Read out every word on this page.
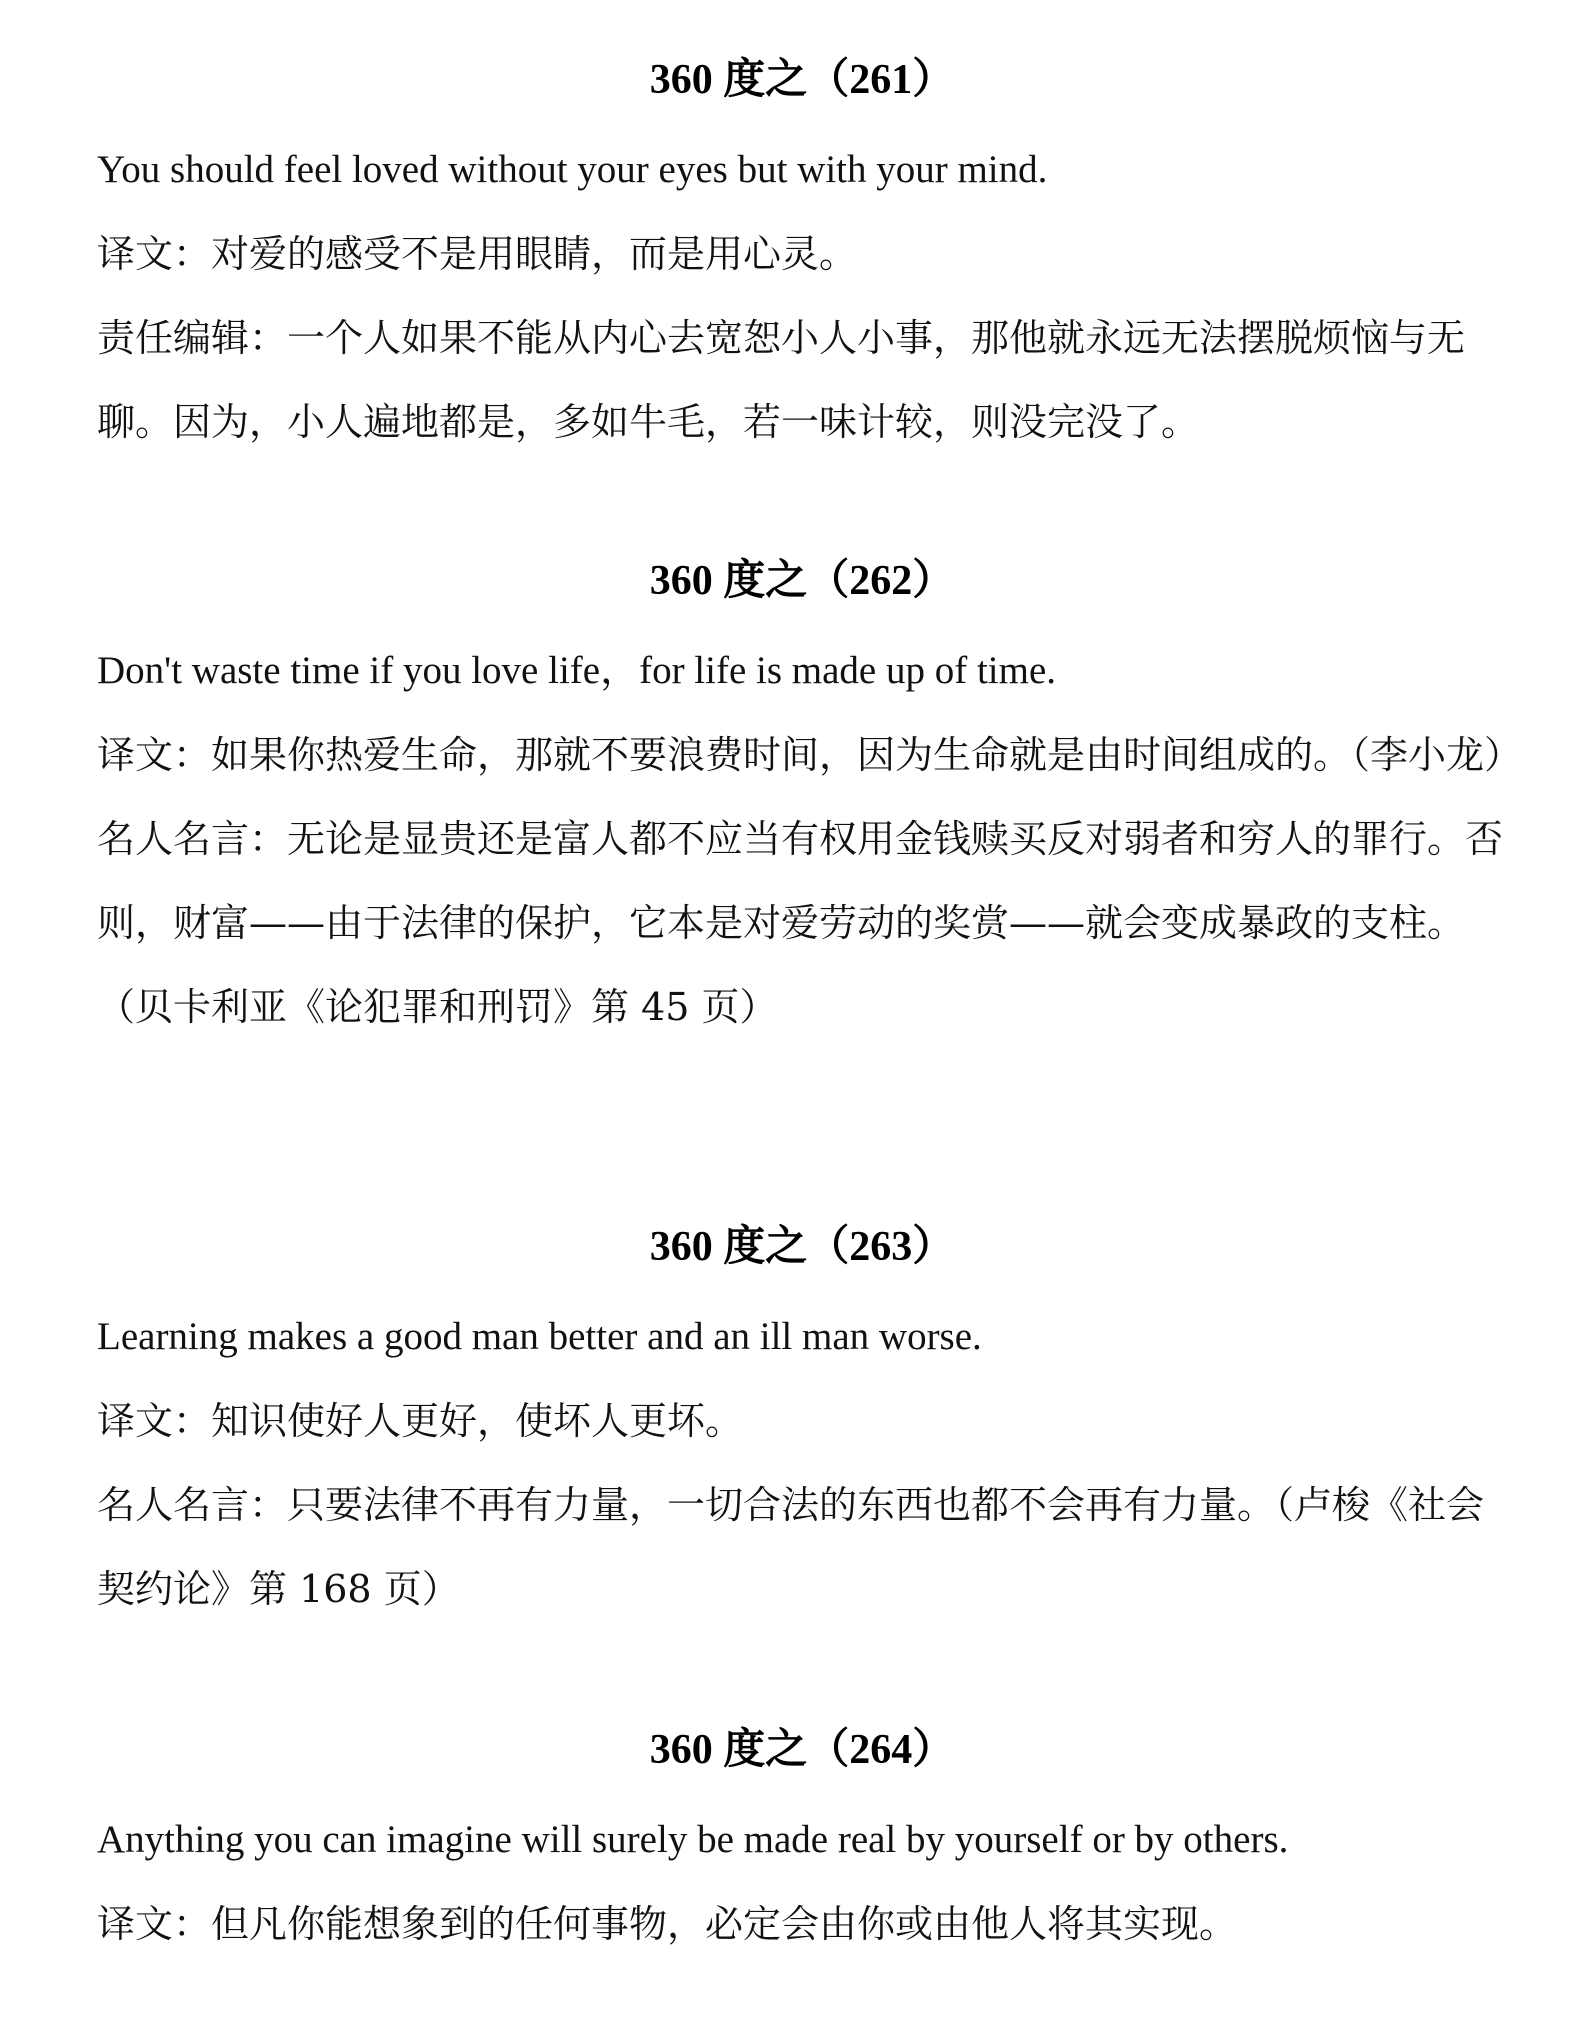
360 度之（261）

You should feel loved without your eyes but with your mind.

译文：对爱的感受不是用眼睛，而是用心灵。

责任编辑：一个人如果不能从内心去宽恕小人小事，那他就永远无法摆脱烦恼与无聊。因为，小人遍地都是，多如牛毛，若一味计较，则没完没了。

360 度之（262）

Don't waste time if you love life，for life is made up of time.

译文：如果你热爱生命，那就不要浪费时间，因为生命就是由时间组成的。（李小龙）

名人名言：无论是显贵还是富人都不应当有权用金钱赎买反对弱者和穷人的罪行。否则，财富——由于法律的保护，它本是对爱劳动的奖赏——就会变成暴政的支柱。（贝卡利亚《论犯罪和刑罚》第 45 页）

360 度之（263）

Learning makes a good man better and an ill man worse.

译文：知识使好人更好，使坏人更坏。

名人名言：只要法律不再有力量，一切合法的东西也都不会再有力量。（卢梭《社会契约论》第 168 页）

360 度之（264）

Anything you can imagine will surely be made real by yourself or by others.

译文：但凡你能想象到的任何事物，必定会由你或由他人将其实现。
